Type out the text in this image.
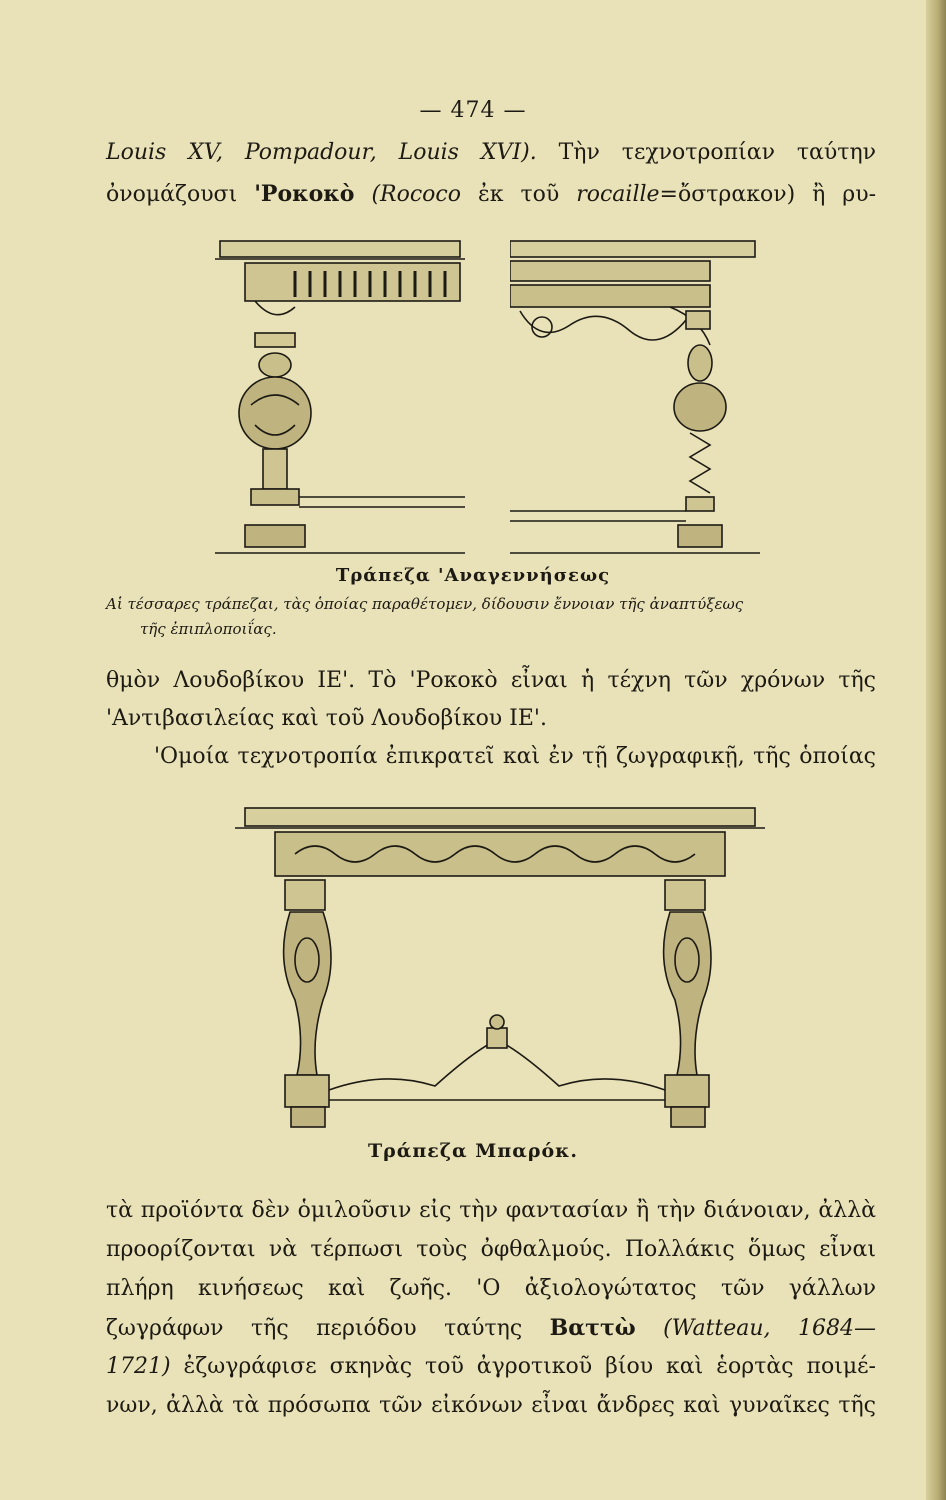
— 474 —
Louis XV, Pompadour, Louis XVI). Τὴν τεχνοτροπίαν ταύτην
ὀνομάζουσι 'Ροκοκὸ (Rococo ἐκ τοῦ rocaille=ὄστρακον) ἢ ρυ-
Τράπεζα 'Αναγεννήσεως
Αἱ τέσσαρες τράπεζαι, τὰς ὁποίας παραθέτομεν, δίδουσιν ἔννοιαν τῆς ἀναπτύξεως
τῆς ἐπιπλοποιΐας.
θμὸν Λουδοβίκου ΙΕ'. Τὸ 'Ροκοκὸ εἶναι ἡ τέχνη τῶν χρόνων τῆς
'Αντιβασιλείας καὶ τοῦ Λουδοβίκου ΙΕ'.
'Ομοία τεχνοτροπία ἐπικρατεῖ καὶ ἐν τῇ ζωγραφικῇ, τῆς ὁποίας
Τράπεζα Μπαρόκ.
τὰ προϊόντα δὲν ὁμιλοῦσιν εἰς τὴν φαντασίαν ἢ τὴν διάνοιαν, ἀλλὰ
προορίζονται νὰ τέρπωσι τοὺς ὀφθαλμούς. Πολλάκις ὅμως εἶναι
πλήρη κινήσεως καὶ ζωῆς. 'Ο ἀξιολογώτατος τῶν γάλλων
ζωγράφων τῆς περιόδου ταύτης Βαττὼ (Watteau, 1684—
1721) ἐζωγράφισε σκηνὰς τοῦ ἀγροτικοῦ βίου καὶ ἑορτὰς ποιμέ-
νων, ἀλλὰ τὰ πρόσωπα τῶν εἰκόνων εἶναι ἄνδρες καὶ γυναῖκες τῆς
